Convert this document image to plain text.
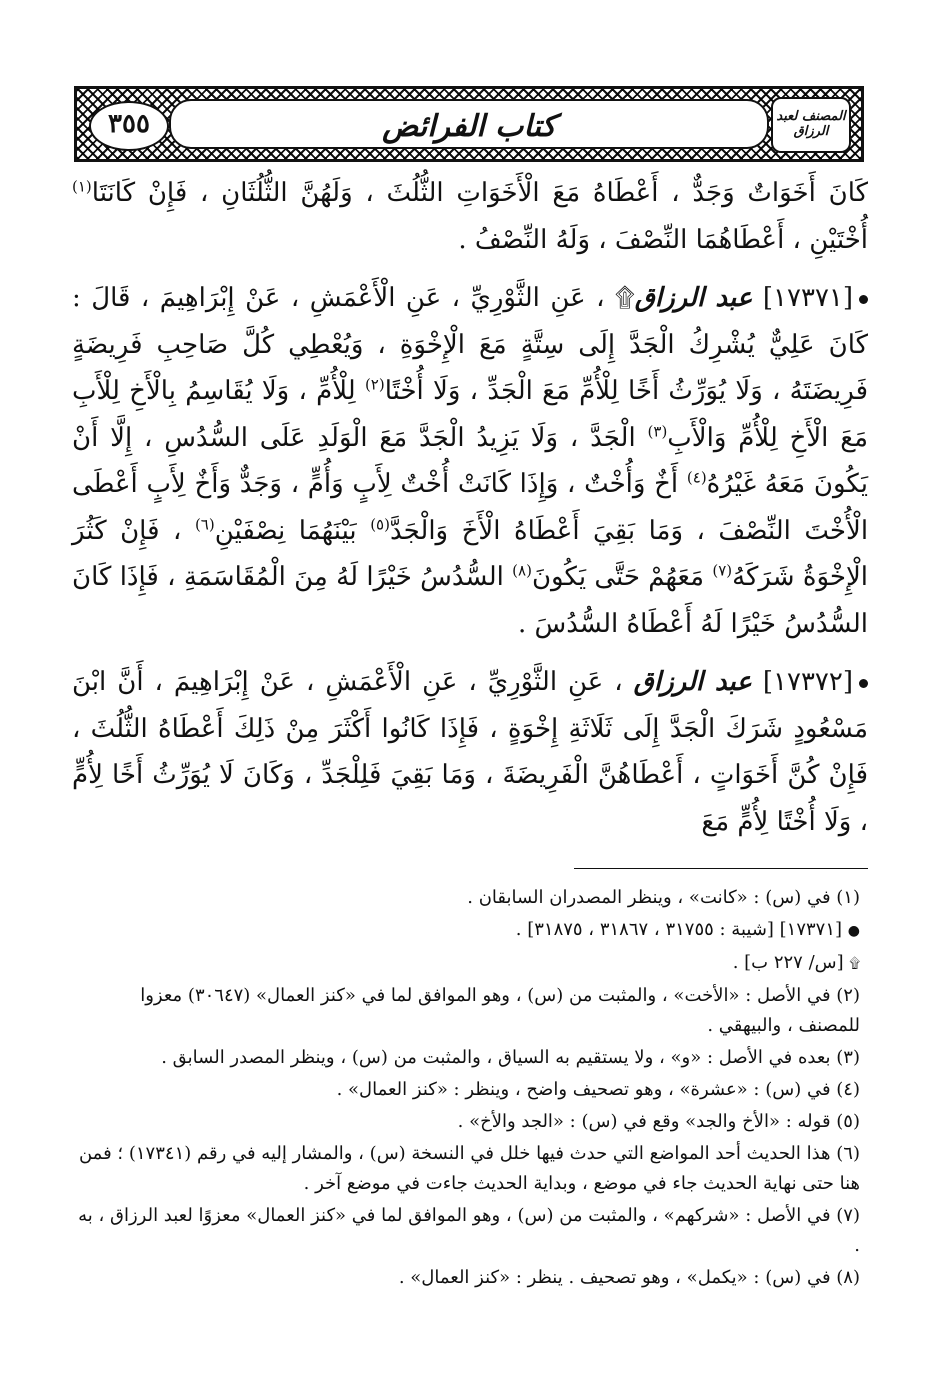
٣٥٥	كتاب الفرائض	المصنف لعبد الرزاق

كَانَ أَخَوَاتٌ وَجَدٌّ ، أَعْطَاهُ مَعَ الْأَخَوَاتِ الثُّلُثَ ، وَلَهُنَّ الثُّلُثَانِ ، فَإِنْ كَانَتَا$^{(١)}$ أُخْتَيْنِ ، أَعْطَاهُمَا النِّصْفَ ، وَلَهُ النِّصْفُ .

[١٧٣٧١] عبد الرزاق۩ ، عَنِ الثَّوْرِيِّ ، عَنِ الْأَعْمَشِ ، عَنْ إِبْرَاهِيمَ ، قَالَ : كَانَ عَلِيٌّ يُشْرِكُ الْجَدَّ إِلَى سِتَّةٍ مَعَ الْإِخْوَةِ ، وَيُعْطِي كُلَّ صَاحِبِ فَرِيضَةٍ فَرِيضَتَهُ ، وَلَا يُوَرِّثُ أَخًا لِلْأُمِّ مَعَ الْجَدِّ ، وَلَا أُخْتًا$^{(٢)}$ لِلْأُمِّ ، وَلَا يُقَاسِمُ بِالْأَخِ لِلْأَبِ مَعَ الْأَخِ لِلْأُمِّ وَالْأَبِ$^{(٣)}$ الْجَدَّ ، وَلَا يَزِيدُ الْجَدَّ مَعَ الْوَلَدِ عَلَى السُّدُسِ ، إِلَّا أَنْ يَكُونَ مَعَهُ غَيْرُهُ$^{(٤)}$ أَخٌ وَأُخْتٌ ، وَإِذَا كَانَتْ أُخْتٌ لِأَبٍ وَأُمٍّ ، وَجَدٌّ وَأَخٌ لِأَبٍ أَعْطَى الْأُخْتَ النِّصْفَ ، وَمَا بَقِيَ أَعْطَاهُ الْأَخَ وَالْجَدَّ$^{(٥)}$ بَيْنَهُمَا نِصْفَيْنِ$^{(٦)}$ ، فَإِنْ كَثُرَ الْإِخْوَةُ شَرَكَهُ$^{(٧)}$ مَعَهُمْ حَتَّى يَكُونَ$^{(٨)}$ السُّدُسُ خَيْرًا لَهُ مِنَ الْمُقَاسَمَةِ ، فَإِذَا كَانَ السُّدُسُ خَيْرًا لَهُ أَعْطَاهُ السُّدُسَ .

[١٧٣٧٢] عبد الرزاق ، عَنِ الثَّوْرِيِّ ، عَنِ الْأَعْمَشِ ، عَنْ إِبْرَاهِيمَ ، أَنَّ ابْنَ مَسْعُودٍ شَرَكَ الْجَدَّ إِلَى ثَلَاثَةِ إِخْوَةٍ ، فَإِذَا كَانُوا أَكْثَرَ مِنْ ذَلِكَ أَعْطَاهُ الثُّلُثَ ، فَإِنْ كُنَّ أَخَوَاتٍ ، أَعْطَاهُنَّ الْفَرِيضَةَ ، وَمَا بَقِيَ فَلِلْجَدِّ ، وَكَانَ لَا يُوَرِّثُ أَخًا لِأُمٍّ ، وَلَا أُخْتًا لِأُمٍّ مَعَ

(١) في (س) : «كانت» ، وينظر المصدران السابقان .
● [١٧٣٧١] [شيبة : ٣١٧٥٥ ، ٣١٨٦٧ ، ٣١٨٧٥] .
۩ [س/ ٢٢٧ ب] .
(٢) في الأصل : «الأخت» ، والمثبت من (س) ، وهو الموافق لما في «كنز العمال» (٣٠٦٤٧) معزوا للمصنف ، والبيهقي .
(٣) بعده في الأصل : «و» ، ولا يستقيم به السياق ، والمثبت من (س) ، وينظر المصدر السابق .
(٤) في (س) : «عشرة» ، وهو تصحيف واضح ، وينظر : «كنز العمال» .
(٥) قوله : «الأخ والجد» وقع في (س) : «الجد والأخ» .
(٦) هذا الحديث أحد المواضع التي حدث فيها خلل في النسخة (س) ، والمشار إليه في رقم (١٧٣٤١) ؛ فمن هنا حتى نهاية الحديث جاء في موضع ، وبداية الحديث جاءت في موضع آخر .
(٧) في الأصل : «شركهم» ، والمثبت من (س) ، وهو الموافق لما في «كنز العمال» معزوًا لعبد الرزاق ، به .
(٨) في (س) : «يكمل» ، وهو تصحيف . ينظر : «كنز العمال» .
